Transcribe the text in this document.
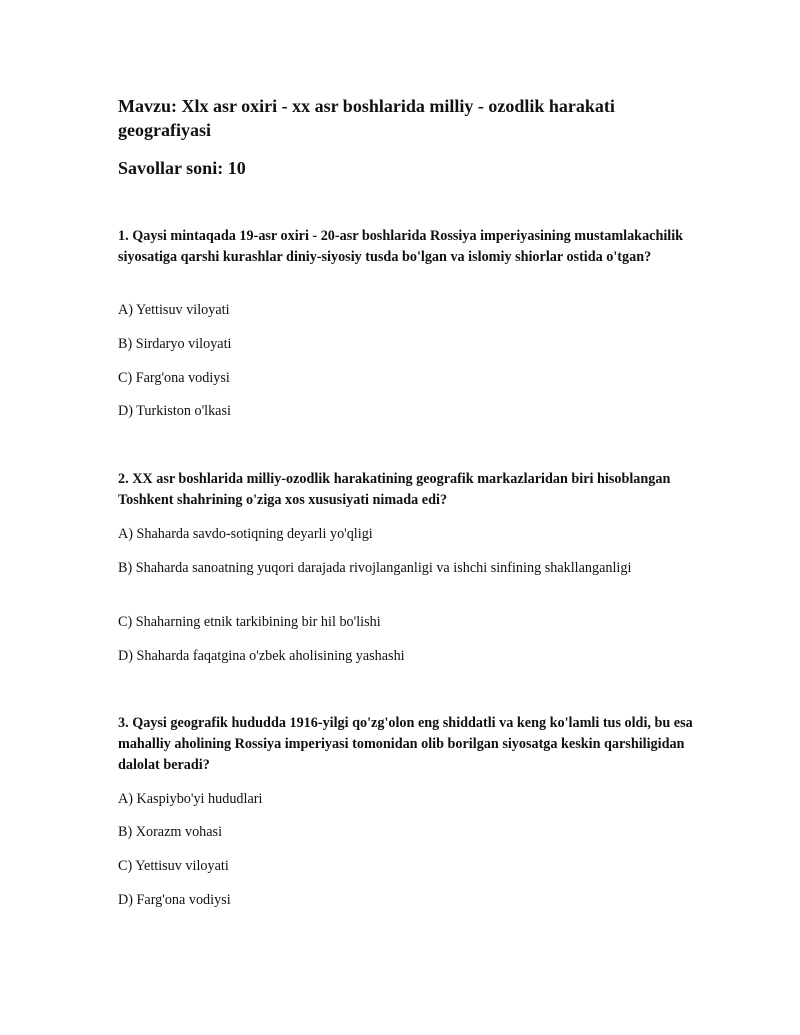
Mavzu: Xlx asr oxiri - xx asr boshlarida milliy - ozodlik harakati geografiyasi
Savollar soni: 10

1. Qaysi mintaqada 19-asr oxiri - 20-asr boshlarida Rossiya imperiyasining mustamlakachilik siyosatiga qarshi kurashlar diniy-siyosiy tusda bo'lgan va islomiy shiorlar ostida o'tgan?

A) Yettisuv viloyati

B) Sirdaryo viloyati

C) Farg'ona vodiysi

D) Turkiston o'lkasi

2. XX asr boshlarida milliy-ozodlik harakatining geografik markazlaridan biri hisoblangan Toshkent shahrining o'ziga xos xususiyati nimada edi?

A) Shaharda savdo-sotiqning deyarli yo'qligi

B) Shaharda sanoatning yuqori darajada rivojlanganligi va ishchi sinfining shakllanganligi

C) Shaharning etnik tarkibining bir hil bo'lishi

D) Shaharda faqatgina o'zbek aholisining yashashi

3. Qaysi geografik hududda 1916-yilgi qo'zg'olon eng shiddatli va keng ko'lamli tus oldi, bu esa mahalliy aholining Rossiya imperiyasi tomonidan olib borilgan siyosatga keskin qarshiligidan dalolat beradi?

A) Kaspiybo'yi hududlari

B) Xorazm vohasi

C) Yettisuv viloyati

D) Farg'ona vodiysi
